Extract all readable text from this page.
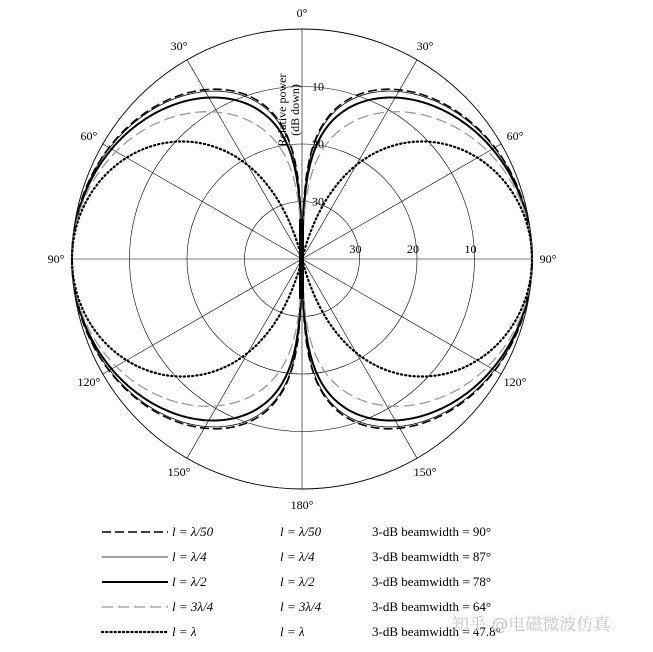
0°
30°
30°
60°
60°
90°
90°
120°
120°
150°
150°
180°
10
20
30
30	20	10
Relative power (dB down)
l = λ/50	l = λ/50	3-dB beamwidth = 90°
l = λ/4	l = λ/4	3-dB beamwidth = 87°
l = λ/2	l = λ/2	3-dB beamwidth = 78°
l = 3λ/4	l = 3λ/4	3-dB beamwidth = 64°
l = λ	l = λ	3-dB beamwidth = 47.8°
知乎 @电磁微波仿真
